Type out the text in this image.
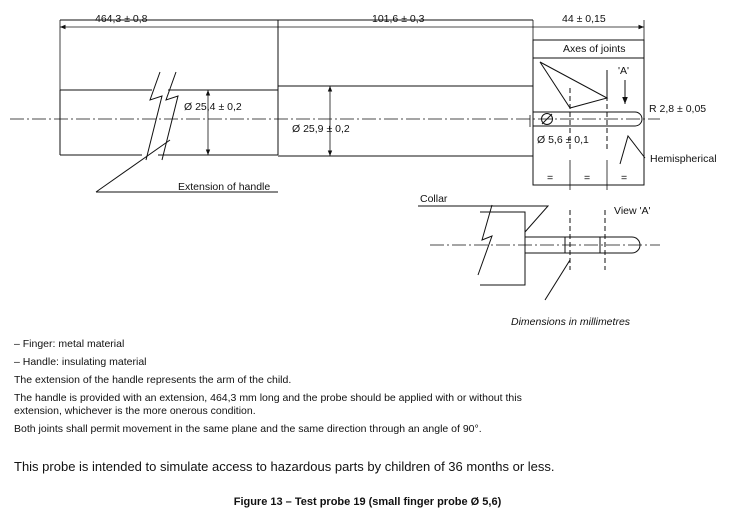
464,3 ± 0,8	101,6 ± 0,3	44 ± 0,15
Axes of joints
'A'
Ø 25,4 ± 0,2
Ø 25,9 ± 0,2
Ø 5,6 ± 0,1
R 2,8 ± 0,05
Hemispherical
Extension of handle
=	=	=
Collar
View 'A'
Dimensions in millimetres

– Finger: metal material

– Handle: insulating material

The extension of the handle represents the arm of the child.

The handle is provided with an extension, 464,3 mm long and the probe should be applied with or without this

extension, whichever is the more onerous condition.

Both joints shall permit movement in the same plane and the same direction through an angle of 90°.

This probe is intended to simulate access to hazardous parts by children of 36 months or less.
Figure 13 – Test probe 19 (small finger probe Ø 5,6)
